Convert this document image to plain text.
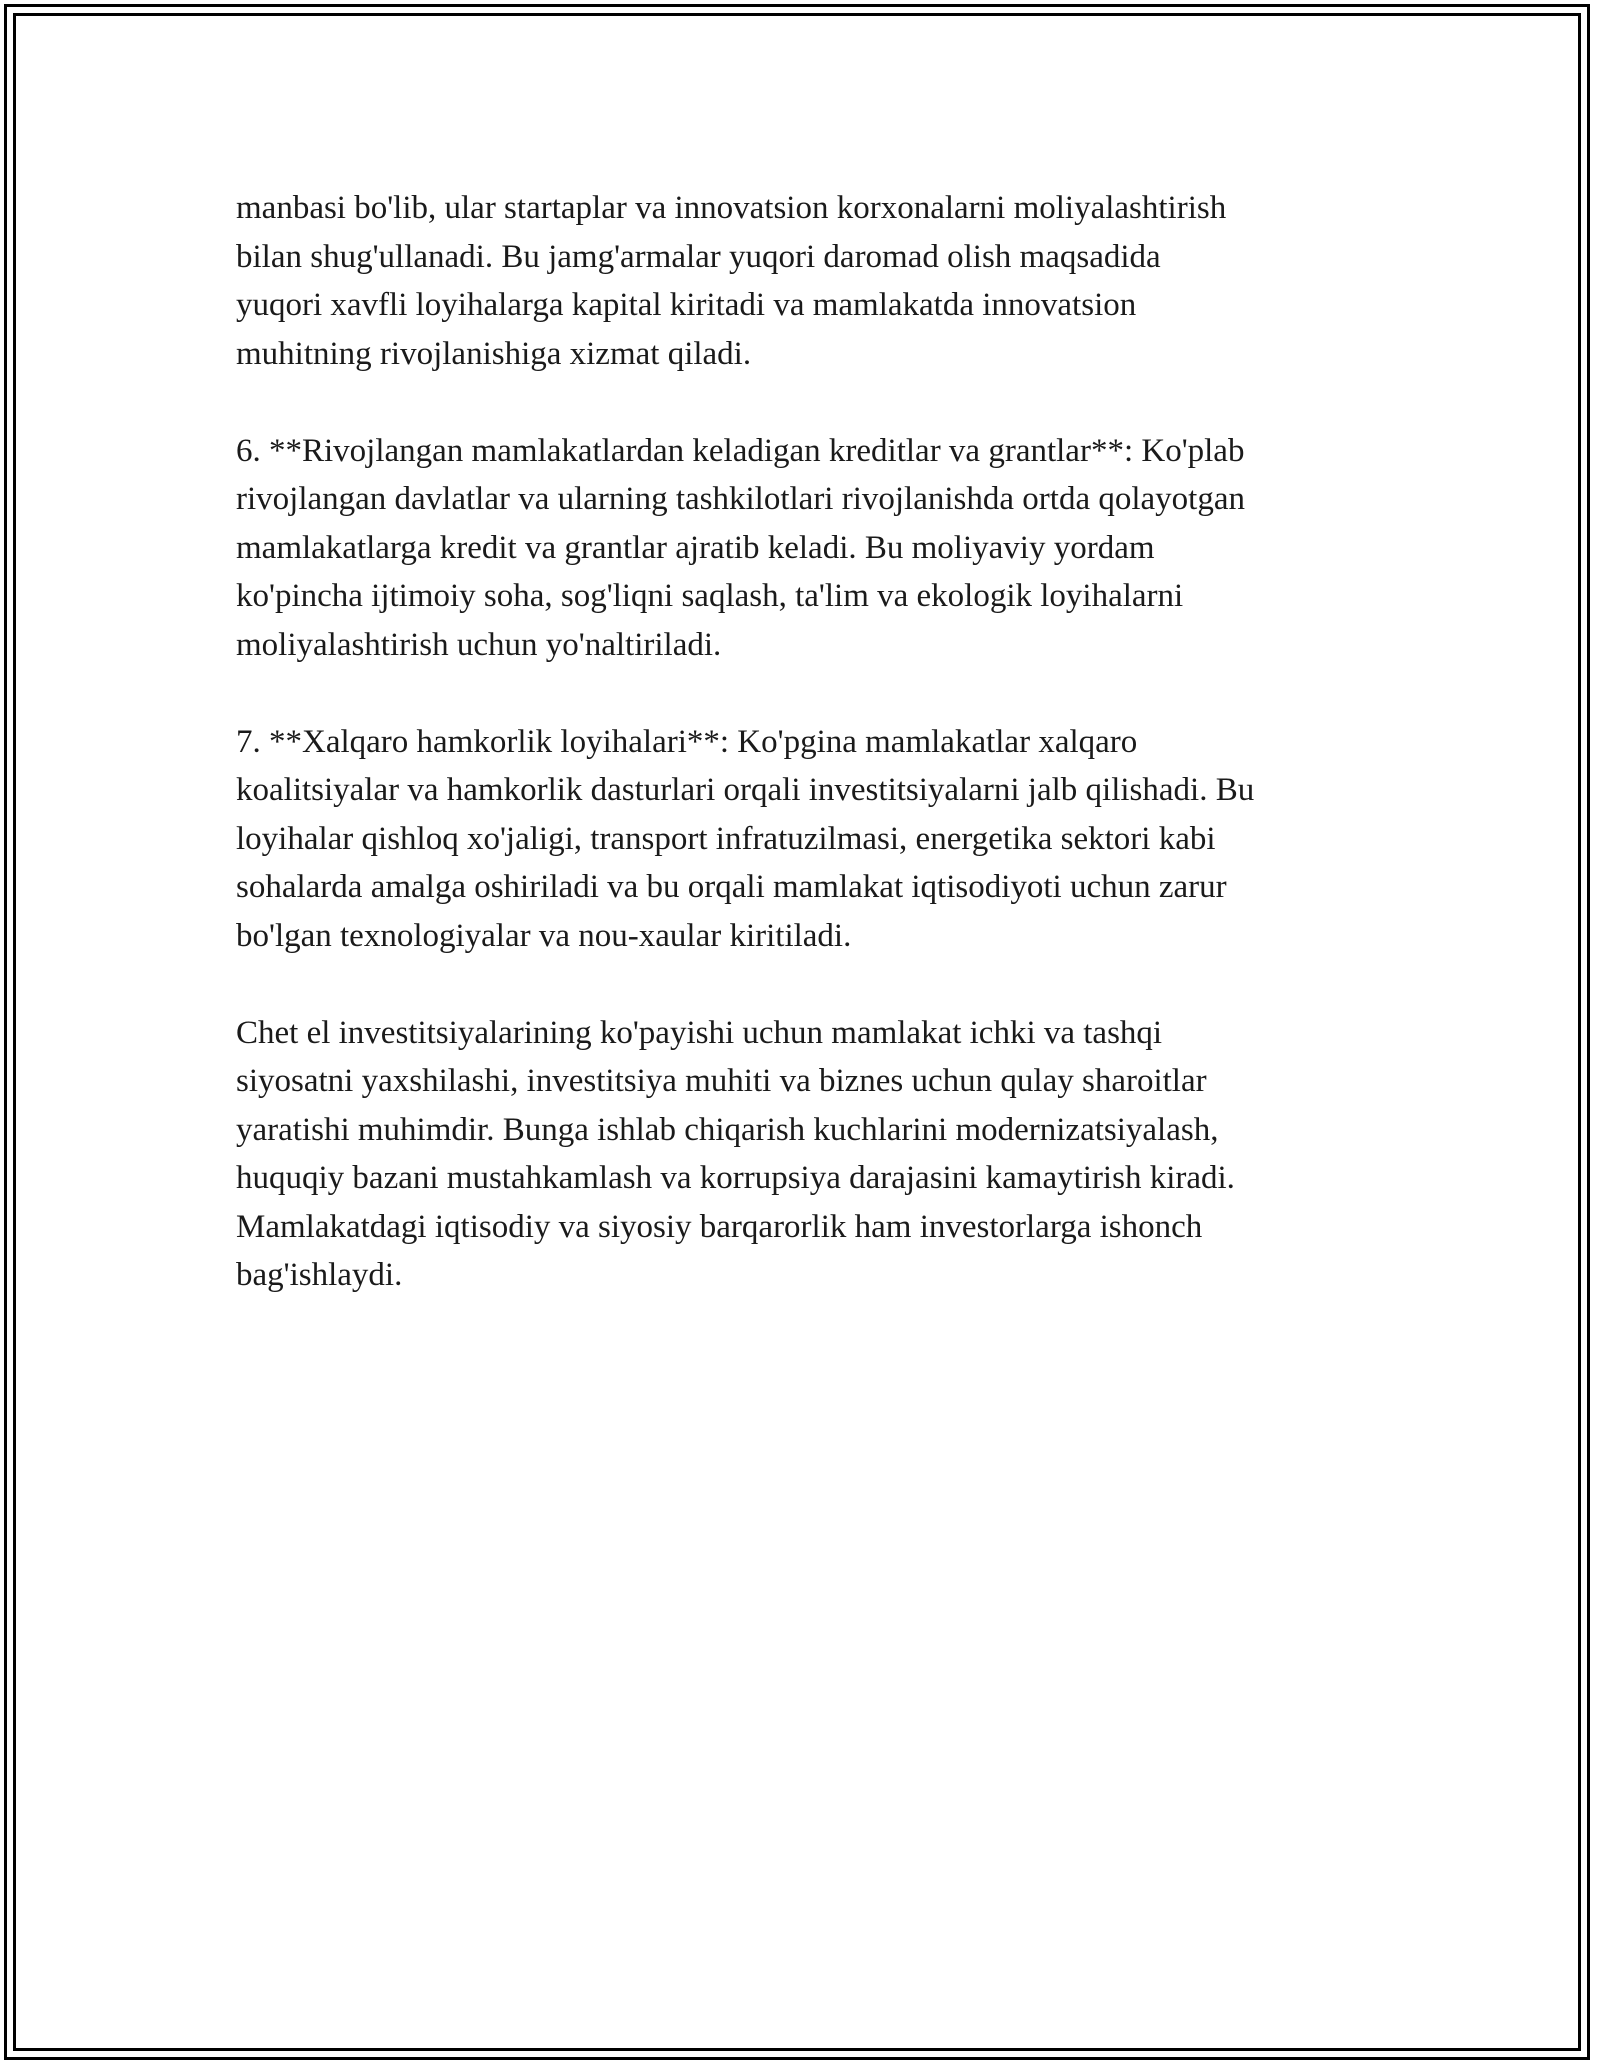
manbasi bo'lib, ular startaplar va innovatsion korxonalarni moliyalashtirish
bilan shug'ullanadi. Bu jamg'armalar yuqori daromad olish maqsadida
yuqori xavfli loyihalarga kapital kiritadi va mamlakatda innovatsion
muhitning rivojlanishiga xizmat qiladi.

6. **Rivojlangan mamlakatlardan keladigan kreditlar va grantlar**: Ko'plab
rivojlangan davlatlar va ularning tashkilotlari rivojlanishda ortda qolayotgan
mamlakatlarga kredit va grantlar ajratib keladi. Bu moliyaviy yordam
ko'pincha ijtimoiy soha, sog'liqni saqlash, ta'lim va ekologik loyihalarni
moliyalashtirish uchun yo'naltiriladi.

7. **Xalqaro hamkorlik loyihalari**: Ko'pgina mamlakatlar xalqaro
koalitsiyalar va hamkorlik dasturlari orqali investitsiyalarni jalb qilishadi. Bu
loyihalar qishloq xo'jaligi, transport infratuzilmasi, energetika sektori kabi
sohalarda amalga oshiriladi va bu orqali mamlakat iqtisodiyoti uchun zarur
bo'lgan texnologiyalar va nou-xaular kiritiladi.

Chet el investitsiyalarining ko'payishi uchun mamlakat ichki va tashqi
siyosatni yaxshilashi, investitsiya muhiti va biznes uchun qulay sharoitlar
yaratishi muhimdir. Bunga ishlab chiqarish kuchlarini modernizatsiyalash,
huquqiy bazani mustahkamlash va korrupsiya darajasini kamaytirish kiradi.
Mamlakatdagi iqtisodiy va siyosiy barqarorlik ham investorlarga ishonch
bag'ishlaydi.
